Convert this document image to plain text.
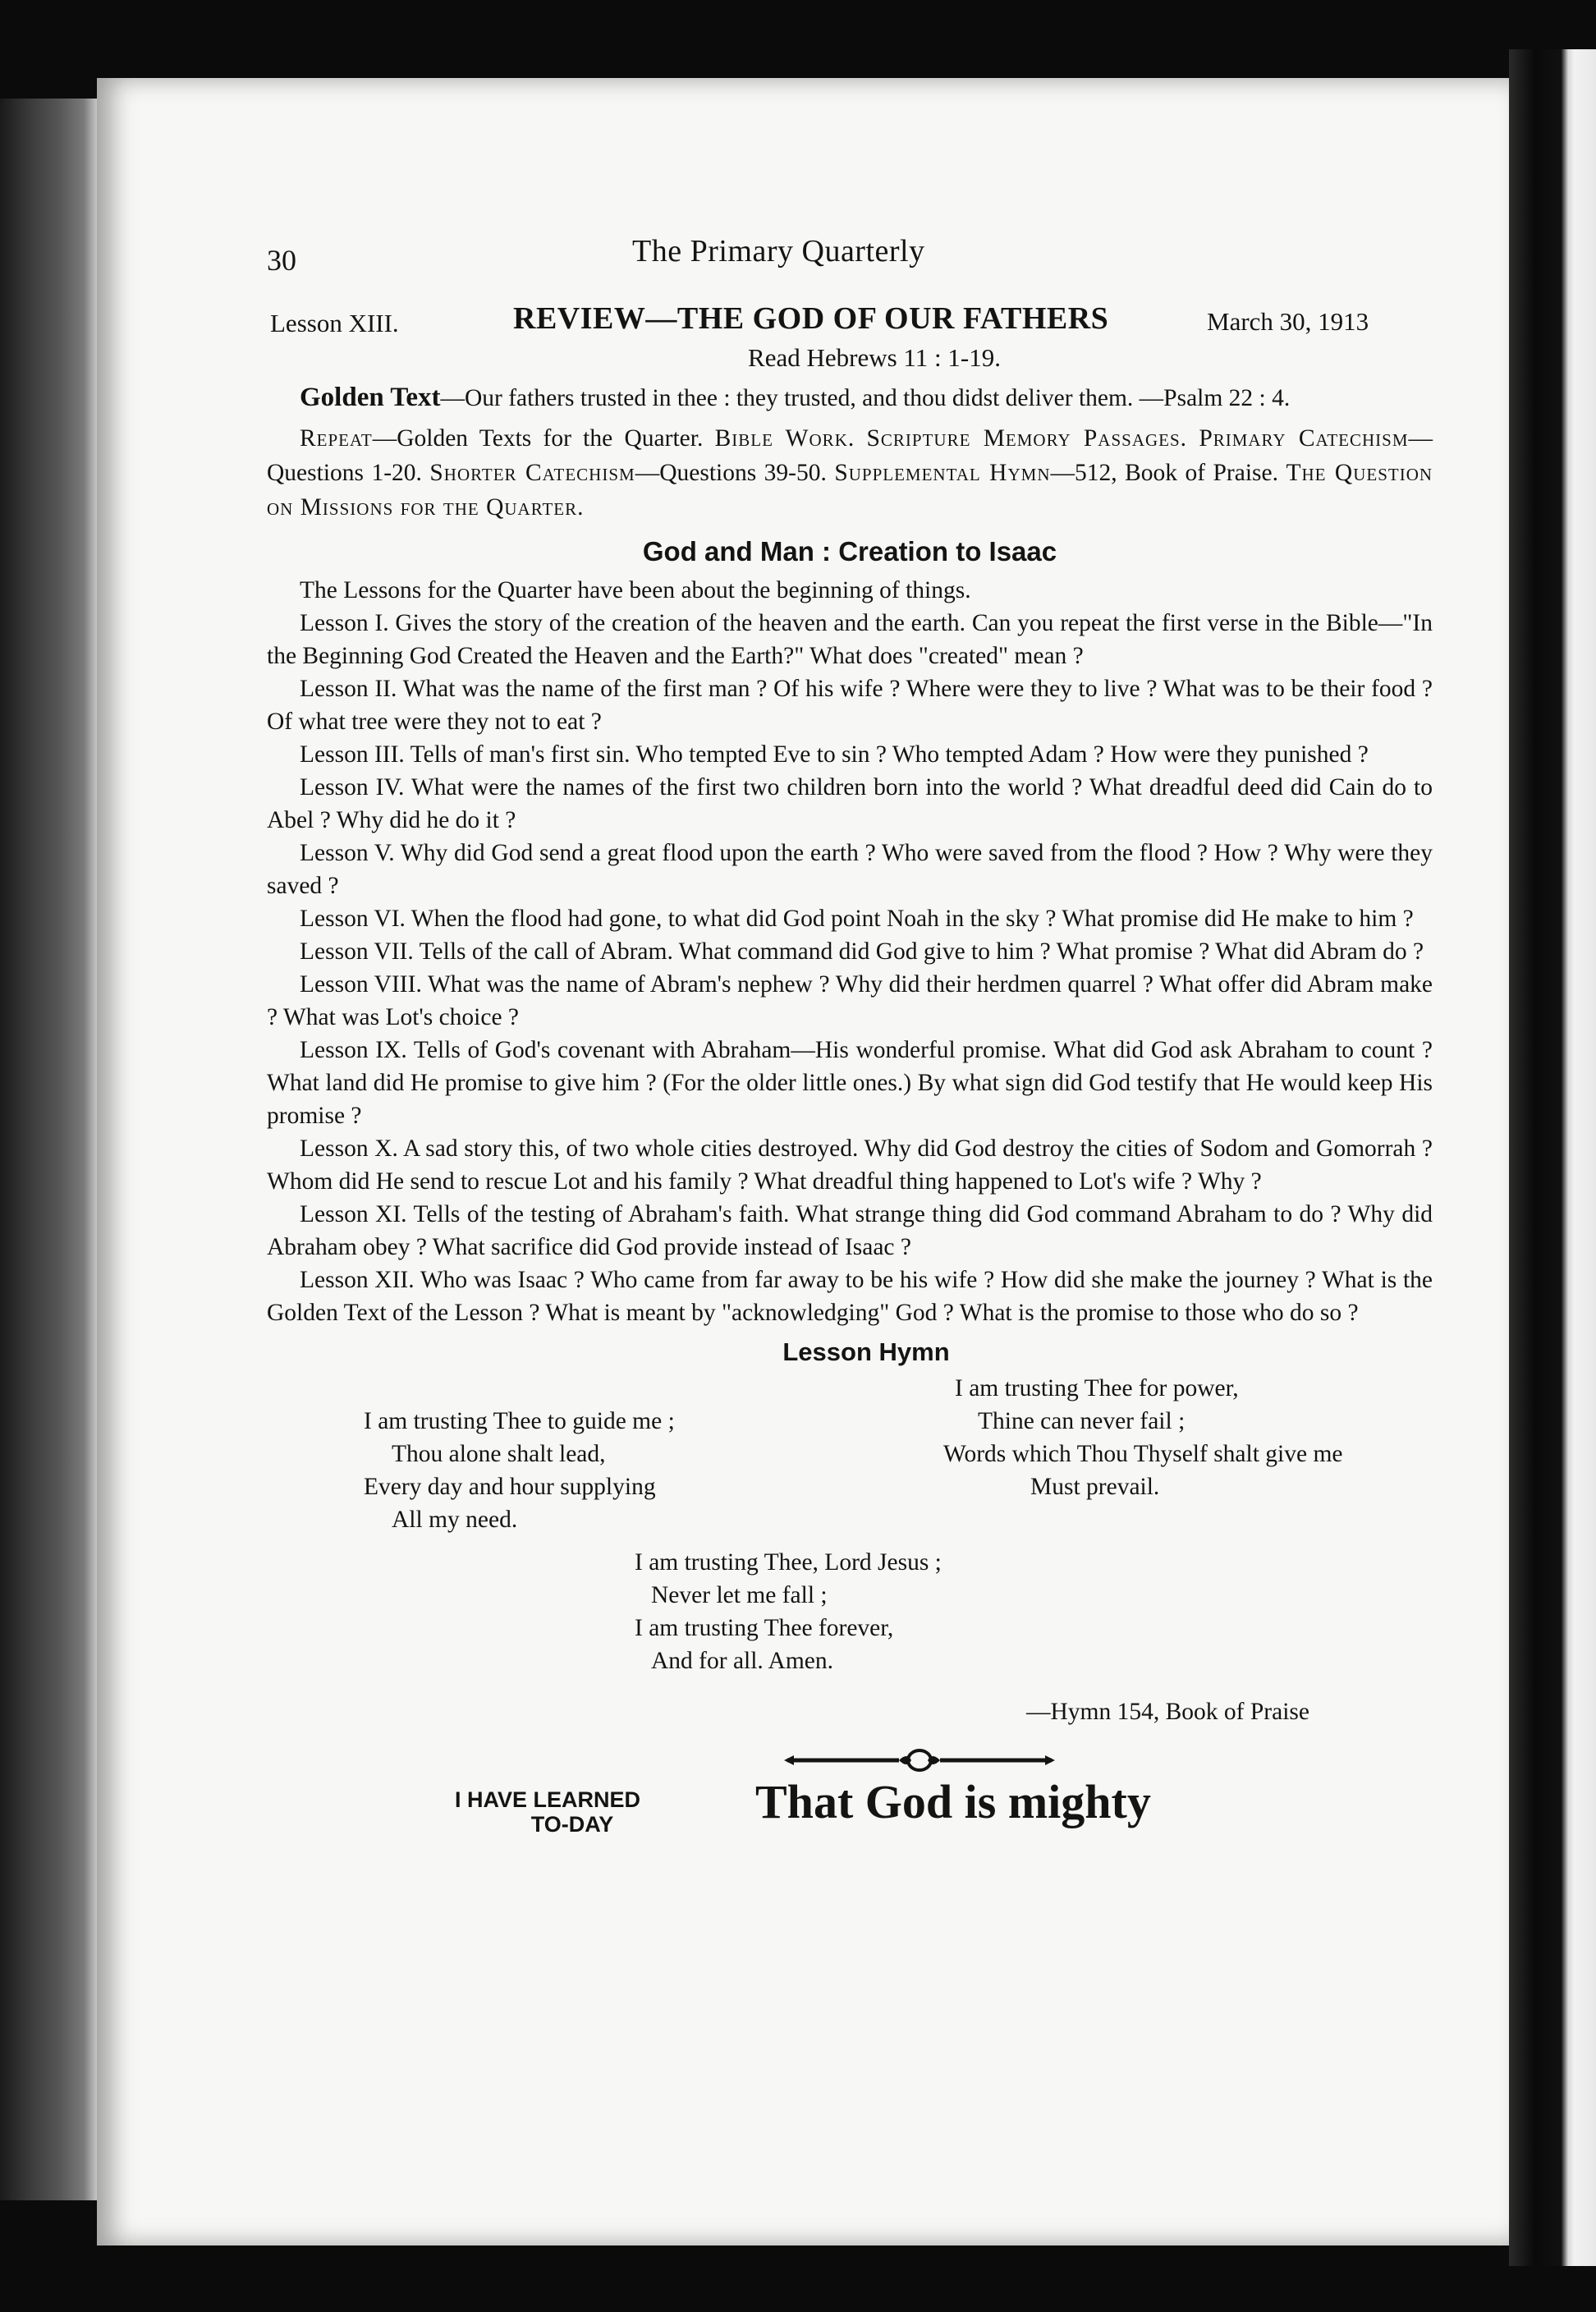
30	The Primary Quarterly
Lesson XIII.	REVIEW—THE GOD OF OUR FATHERS	March 30, 1913
Read Hebrews 11 : 1-19.

Golden Text—Our fathers trusted in thee : they trusted, and thou didst deliver them. —Psalm 22 : 4.

Repeat—Golden Texts for the Quarter. Bible Work. Scripture Memory Passages. Primary Catechism—Questions 1-20. Shorter Catechism—Questions 39-50. Supplemental Hymn—512, Book of Praise. The Question on Missions for the Quarter.

God and Man : Creation to Isaac

The Lessons for the Quarter have been about the beginning of things.

Lesson I. Gives the story of the creation of the heaven and the earth. Can you repeat the first verse in the Bible—"In the Beginning God Created the Heaven and the Earth?" What does "created" mean ?

Lesson II. What was the name of the first man ? Of his wife ? Where were they to live ? What was to be their food ? Of what tree were they not to eat ?

Lesson III. Tells of man's first sin. Who tempted Eve to sin ? Who tempted Adam ? How were they punished ?

Lesson IV. What were the names of the first two children born into the world ? What dreadful deed did Cain do to Abel ? Why did he do it ?

Lesson V. Why did God send a great flood upon the earth ? Who were saved from the flood ? How ? Why were they saved ?

Lesson VI. When the flood had gone, to what did God point Noah in the sky ? What promise did He make to him ?

Lesson VII. Tells of the call of Abram. What command did God give to him ? What promise ? What did Abram do ?

Lesson VIII. What was the name of Abram's nephew ? Why did their herdmen quarrel ? What offer did Abram make ? What was Lot's choice ?

Lesson IX. Tells of God's covenant with Abraham—His wonderful promise. What did God ask Abraham to count ? What land did He promise to give him ? (For the older little ones.) By what sign did God testify that He would keep His promise ?

Lesson X. A sad story this, of two whole cities destroyed. Why did God destroy the cities of Sodom and Gomorrah ? Whom did He send to rescue Lot and his family ? What dreadful thing happened to Lot's wife ? Why ?

Lesson XI. Tells of the testing of Abraham's faith. What strange thing did God command Abraham to do ? Why did Abraham obey ? What sacrifice did God provide instead of Isaac ?

Lesson XII. Who was Isaac ? Who came from far away to be his wife ? How did she make the journey ? What is the Golden Text of the Lesson ? What is meant by "acknowledging" God ? What is the promise to those who do so ?

Lesson Hymn
I am trusting Thee to guide me ;
Thou alone shalt lead,
Every day and hour supplying
All my need.
I am trusting Thee for power,
Thine can never fail ;
Words which Thou Thyself shalt give me
Must prevail.
I am trusting Thee, Lord Jesus ;
Never let me fall ;
I am trusting Thee forever,
And for all. Amen.
—Hymn 154, Book of Praise
I HAVE LEARNED
TO-DAY	That God is mighty
